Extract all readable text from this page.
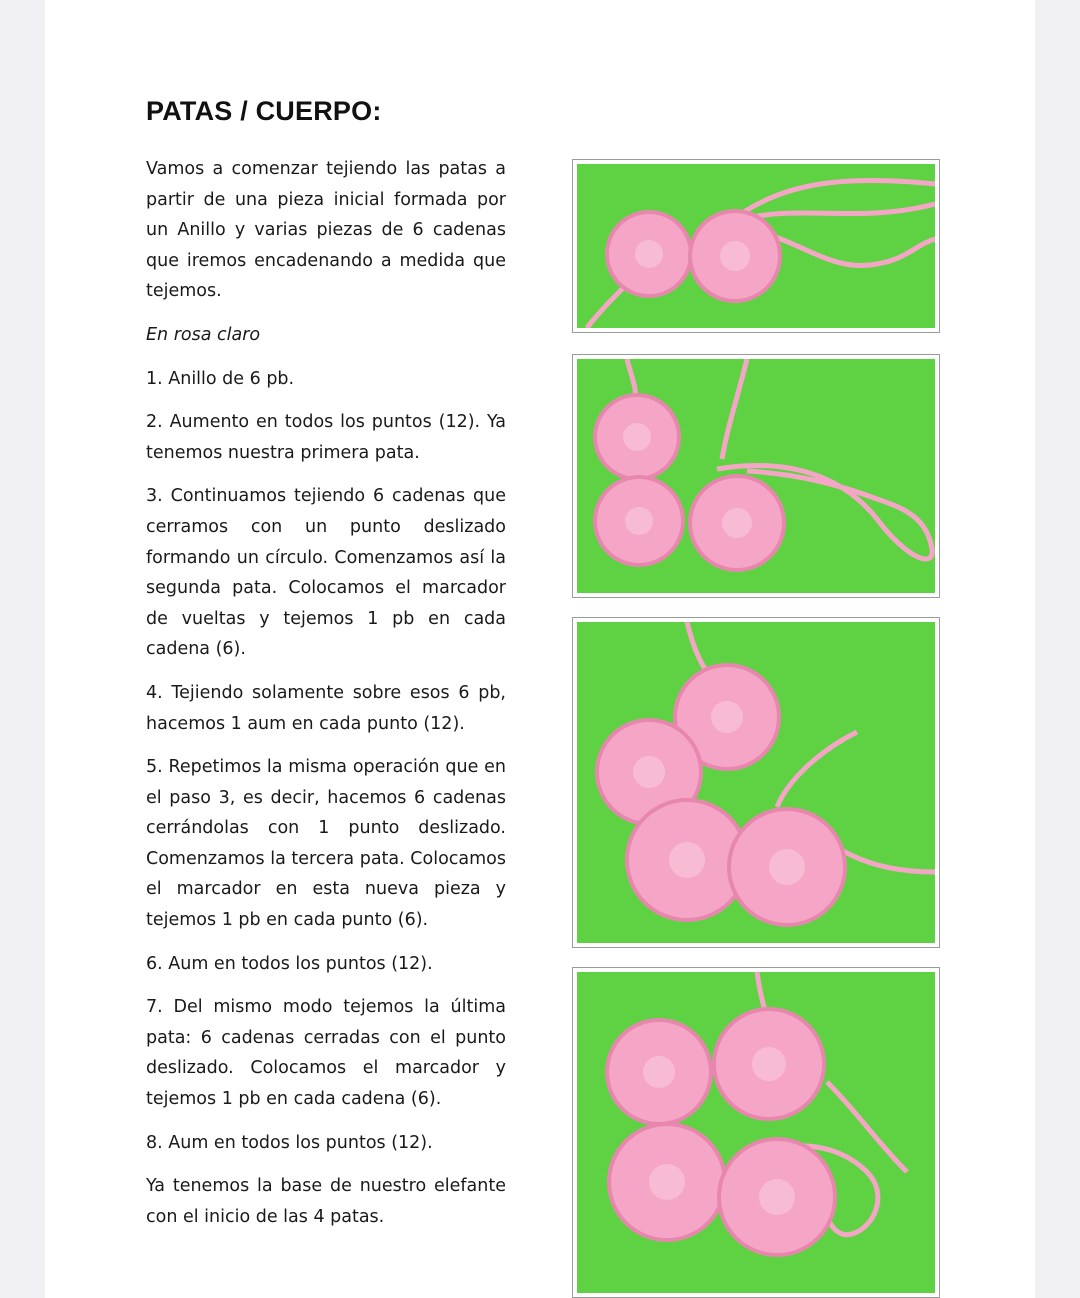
PATAS / CUERPO:

Vamos a comenzar tejiendo las patas a partir de una pieza inicial formada por un Anillo y varias piezas de 6 cadenas que iremos encadenando a medida que tejemos.

En rosa claro

1. Anillo de 6 pb.

2. Aumento en todos los puntos (12). Ya tenemos nuestra primera pata.

3. Continuamos tejiendo 6 cadenas que cerramos con un punto deslizado formando un círculo. Comenzamos así la segunda pata. Colocamos el marcador de vueltas y tejemos 1 pb en cada cadena (6).

4. Tejiendo solamente sobre esos 6 pb, hacemos 1 aum en cada punto (12).

5. Repetimos la misma operación que en el paso 3, es decir, hacemos 6 cadenas cerrándolas con 1 punto deslizado. Comenzamos la tercera pata. Colocamos el marcador en esta nueva pieza y tejemos 1 pb en cada punto (6).

6. Aum en todos los puntos (12).

7. Del mismo modo tejemos la última pata: 6 cadenas cerradas con el punto deslizado. Colocamos el marcador y tejemos 1 pb en cada cadena (6).

8. Aum en todos los puntos (12).

Ya tenemos la base de nuestro elefante con el inicio de las 4 patas.
